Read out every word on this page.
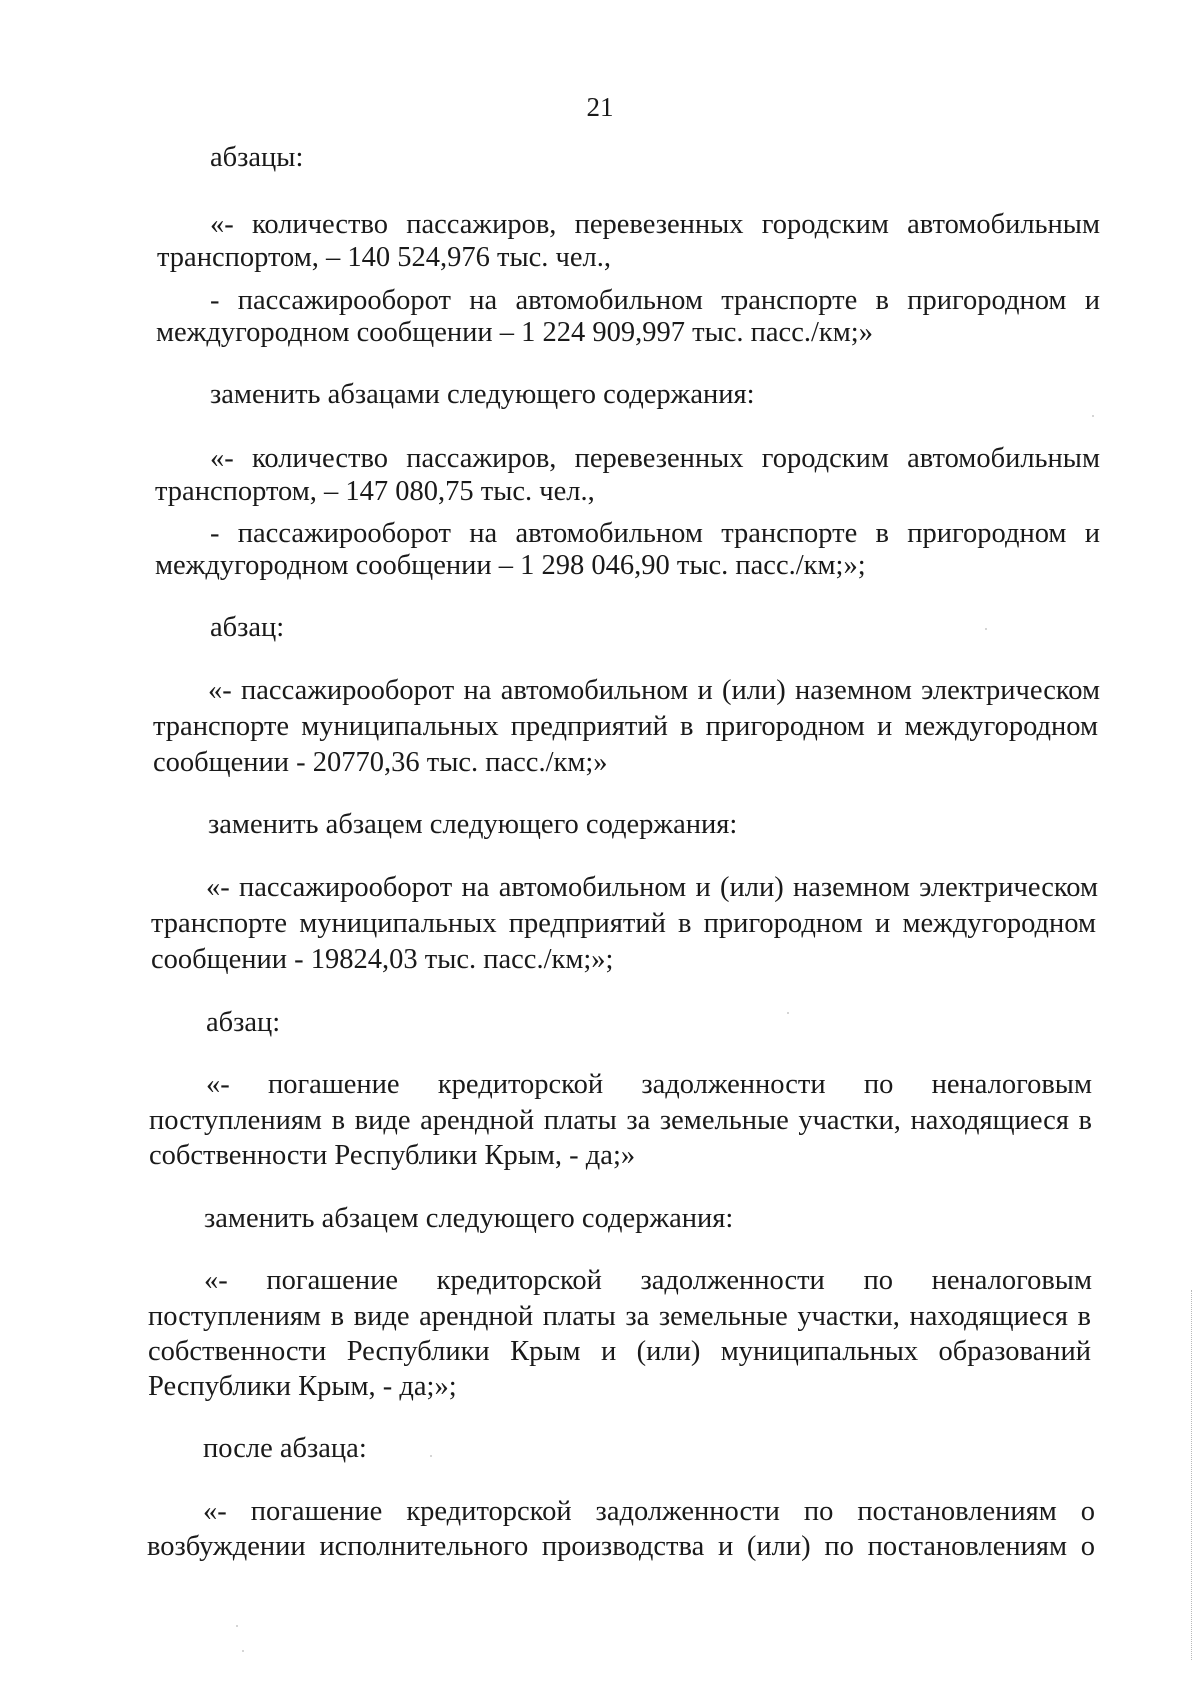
21
абзацы:
«- количество пассажиров, перевезенных городским автомобильным
транспортом, – 140 524,976 тыс. чел.,
- пассажирооборот на автомобильном транспорте в пригородном и
междугородном сообщении – 1 224 909,997 тыс. пасс./км;»
заменить абзацами следующего содержания:
«- количество пассажиров, перевезенных городским автомобильным
транспортом, – 147 080,75 тыс. чел.,
- пассажирооборот на автомобильном транспорте в пригородном и
междугородном сообщении – 1 298 046,90 тыс. пасс./км;»;
абзац:
«- пассажирооборот на автомобильном и (или) наземном электрическом
транспорте муниципальных предприятий в пригородном и междугородном
сообщении - 20770,36 тыс. пасс./км;»
заменить абзацем следующего содержания:
«- пассажирооборот на автомобильном и (или) наземном электрическом
транспорте муниципальных предприятий в пригородном и междугородном
сообщении - 19824,03 тыс. пасс./км;»;
абзац:
«- погашение кредиторской задолженности по неналоговым
поступлениям в виде арендной платы за земельные участки, находящиеся в
собственности Республики Крым, - да;»
заменить абзацем следующего содержания:
«- погашение кредиторской задолженности по неналоговым
поступлениям в виде арендной платы за земельные участки, находящиеся в
собственности Республики Крым и (или) муниципальных образований
Республики Крым, - да;»;
после абзаца:
«- погашение кредиторской задолженности по постановлениям о
возбуждении исполнительного производства и (или) по постановлениям о
